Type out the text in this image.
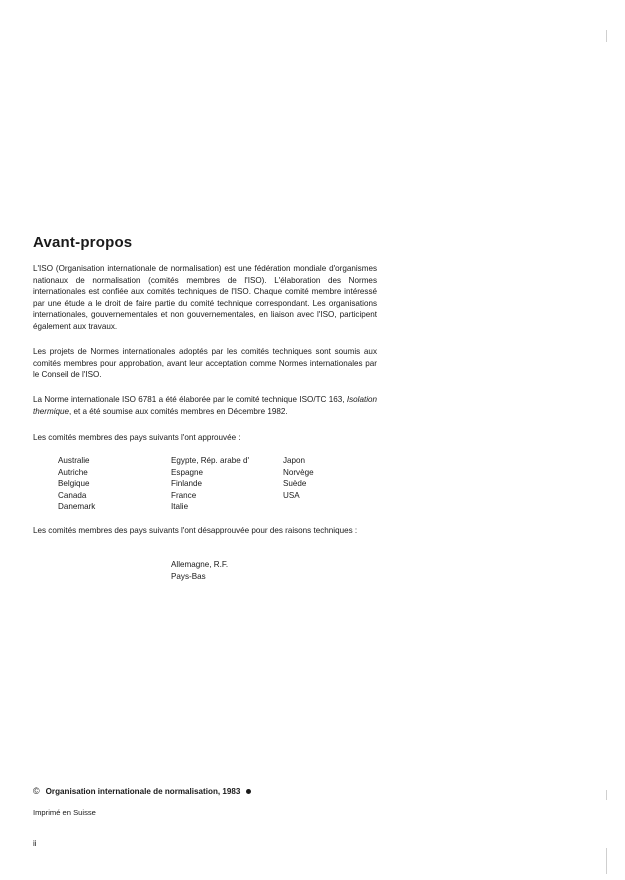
Avant-propos

L'ISO (Organisation internationale de normalisation) est une fédération mondiale d'organismes nationaux de normalisation (comités membres de l'ISO). L'élaboration des Normes internationales est confiée aux comités techniques de l'ISO. Chaque comité membre intéressé par une étude a le droit de faire partie du comité technique correspondant. Les organisations internationales, gouvernementales et non gouvernementales, en liaison avec l'ISO, participent également aux travaux.

Les projets de Normes internationales adoptés par les comités techniques sont soumis aux comités membres pour approbation, avant leur acceptation comme Normes internationales par le Conseil de l'ISO.

La Norme internationale ISO 6781 a été élaborée par le comité technique ISO/TC 163, Isolation thermique, et a été soumise aux comités membres en Décembre 1982.

Les comités membres des pays suivants l'ont approuvée :

Australie
Autriche
Belgique
Canada
Danemark
Egypte, Rép. arabe d'
Espagne
Finlande
France
Italie
Japon
Norvège
Suède
USA

Les comités membres des pays suivants l'ont désapprouvée pour des raisons techniques :

Allemagne, R.F.
Pays-Bas
© Organisation internationale de normalisation, 1983
Imprimé en Suisse
ii
